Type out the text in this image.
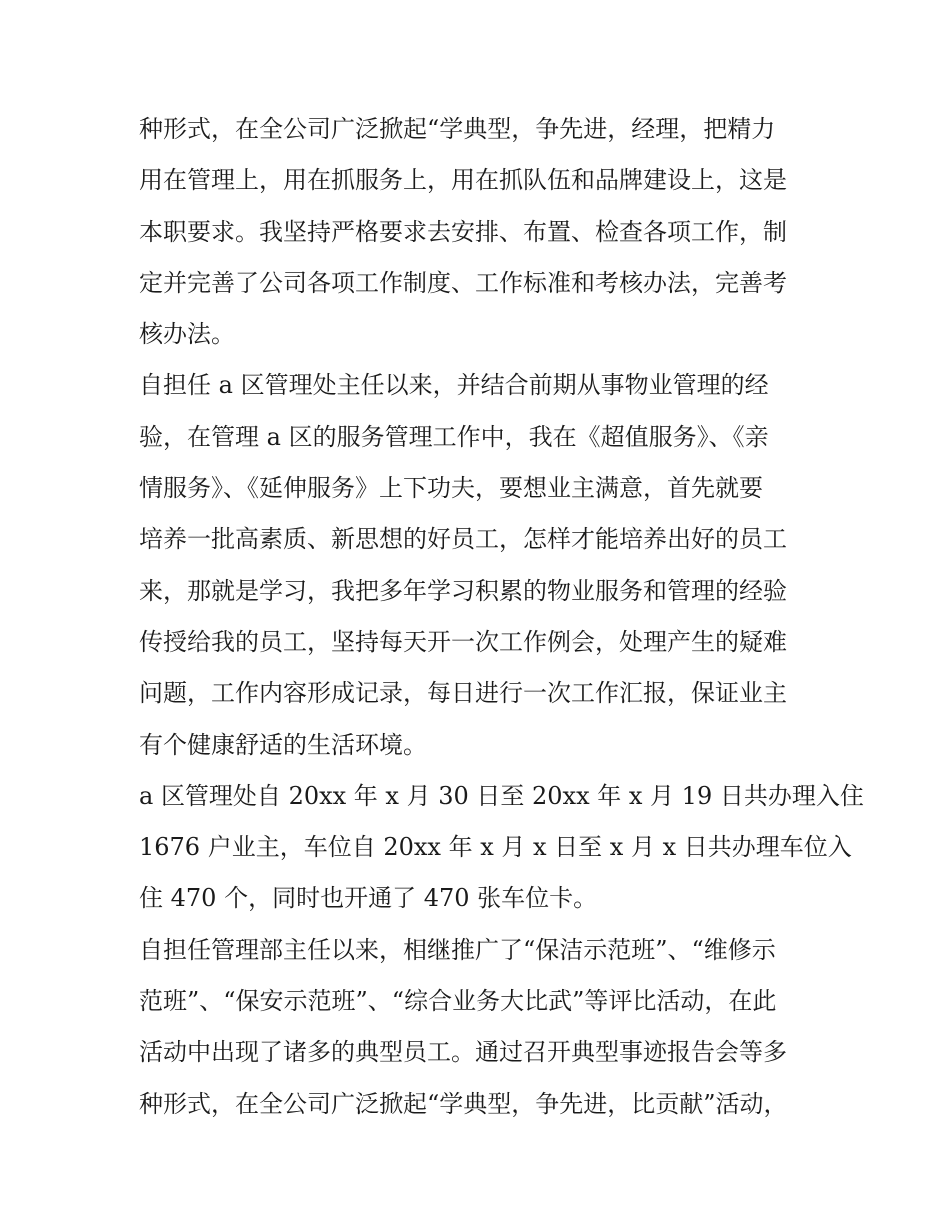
种形式，在全公司广泛掀起“学典型，争先进，经理，把精力
用在管理上，用在抓服务上，用在抓队伍和品牌建设上，这是
本职要求。我坚持严格要求去安排、布置、检查各项工作，制
定并完善了公司各项工作制度、工作标准和考核办法，完善考
核办法。
自担任 a 区管理处主任以来，并结合前期从事物业管理的经
验，在管理 a 区的服务管理工作中，我在《超值服务》、《亲
情服务》、《延伸服务》上下功夫，要想业主满意，首先就要
培养一批高素质、新思想的好员工，怎样才能培养出好的员工
来，那就是学习，我把多年学习积累的物业服务和管理的经验
传授给我的员工，坚持每天开一次工作例会，处理产生的疑难
问题，工作内容形成记录，每日进行一次工作汇报，保证业主
有个健康舒适的生活环境。
a 区管理处自 20xx 年 x 月 30 日至 20xx 年 x 月 19 日共办理入住
1676 户业主，车位自 20xx 年 x 月 x 日至 x 月 x 日共办理车位入
住 470 个，同时也开通了 470 张车位卡。
自担任管理部主任以来，相继推广了“保洁示范班”、“维修示
范班”、“保安示范班”、“综合业务大比武”等评比活动，在此
活动中出现了诸多的典型员工。通过召开典型事迹报告会等多
种形式，在全公司广泛掀起“学典型，争先进，比贡献”活动，
